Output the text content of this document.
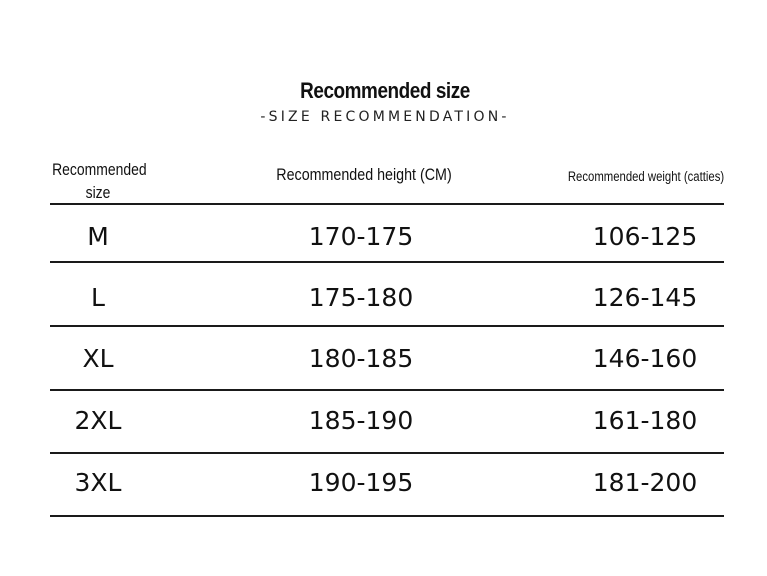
Recommended size
-SIZE RECOMMENDATION-
Recommended
size
Recommended height (CM)	Recommended weight (catties)
M	170-175	106-125
L	175-180	126-145
XL	180-185	146-160
2XL	185-190	161-180
3XL	190-195	181-200
